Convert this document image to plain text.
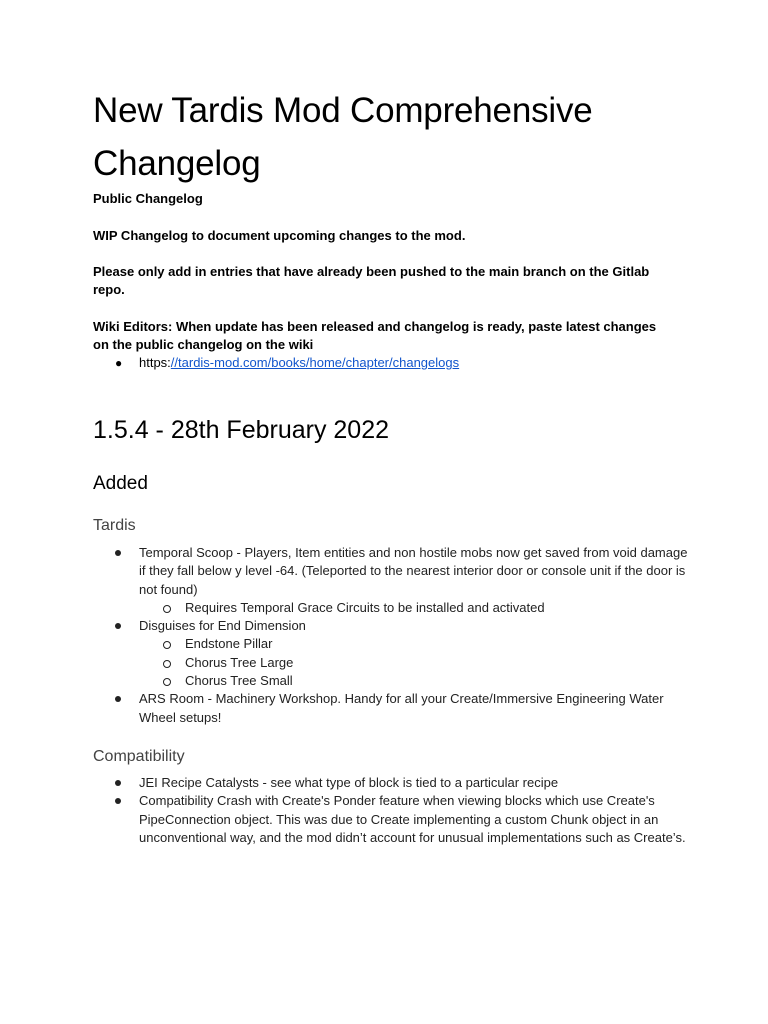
New Tardis Mod Comprehensive Changelog

Public Changelog

WIP Changelog to document upcoming changes to the mod.

Please only add in entries that have already been pushed to the main branch on the Gitlab repo.

Wiki Editors: When update has been released and changelog is ready, paste latest changes on the public changelog on the wiki

● https://tardis-mod.com/books/home/chapter/changelogs
1.5.4 - 28th February 2022
Added
Tardis
Temporal Scoop - Players, Item entities and non hostile mobs now get saved from void damage if they fall below y level -64. (Teleported to the nearest interior door or console unit if the door is not found)
Requires Temporal Grace Circuits to be installed and activated
Disguises for End Dimension
Endstone Pillar
Chorus Tree Large
Chorus Tree Small
ARS Room - Machinery Workshop. Handy for all your Create/Immersive Engineering Water Wheel setups!
Compatibility
JEI Recipe Catalysts - see what type of block is tied to a particular recipe
Compatibility Crash with Create's Ponder feature when viewing blocks which use Create's PipeConnection object. This was due to Create implementing a custom Chunk object in an unconventional way, and the mod didn’t account for unusual implementations such as Create’s.
